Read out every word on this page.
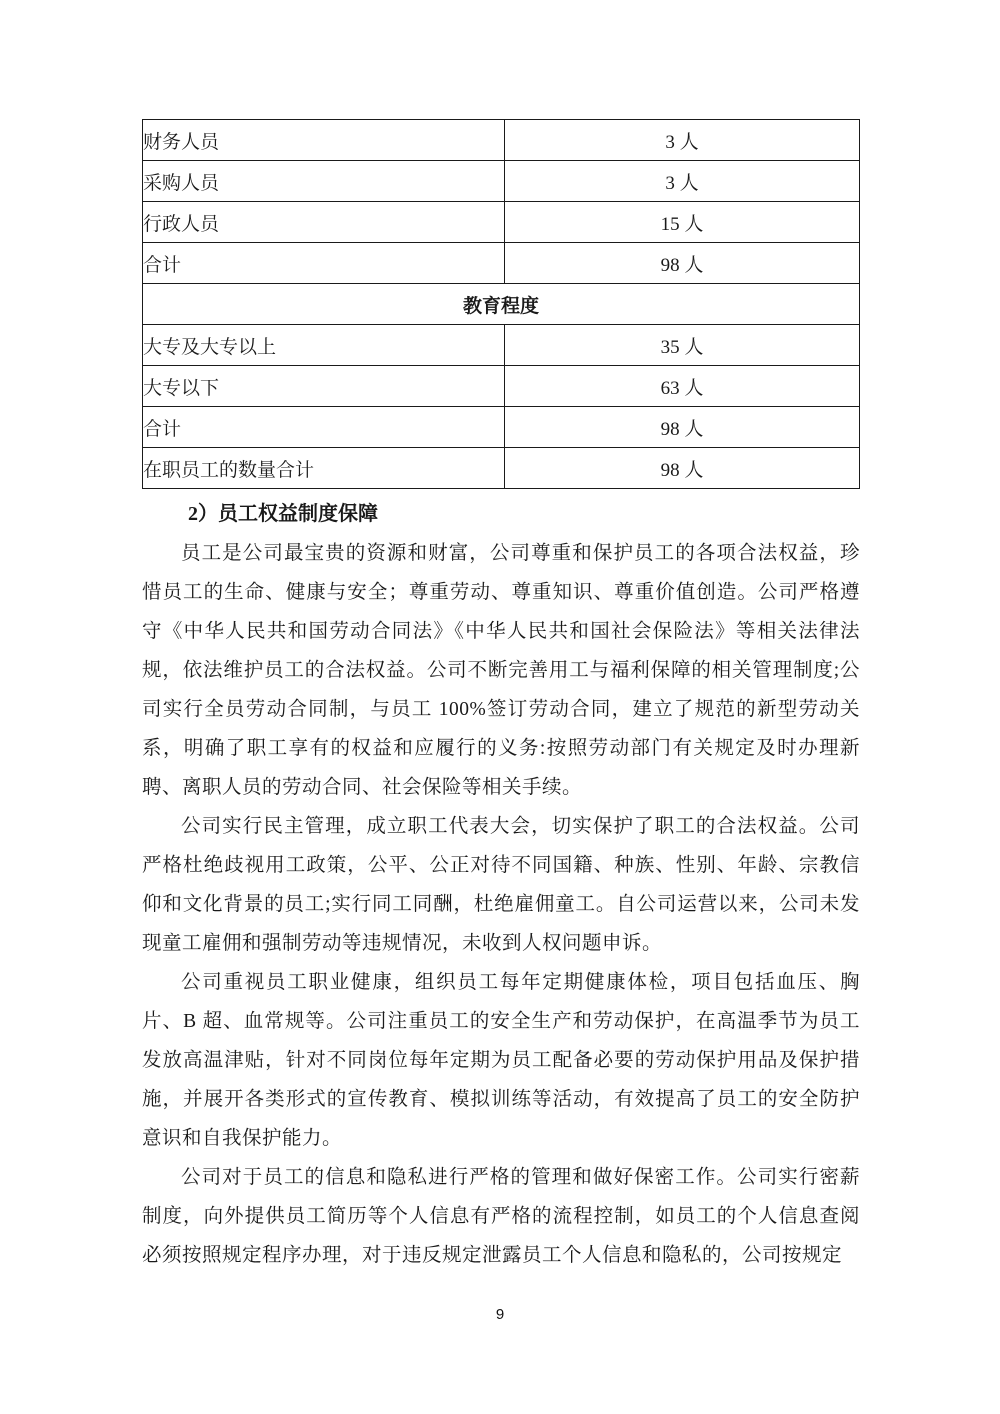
财务人员	3 人
采购人员	3 人
行政人员	15 人
合计	98 人
教育程度	
大专及大专以上	35 人
大专以下	63 人
合计	98 人
在职员工的数量合计	98 人
2）员工权益制度保障

员工是公司最宝贵的资源和财富，公司尊重和保护员工的各项合法权益，珍惜员工的生命、健康与安全；尊重劳动、尊重知识、尊重价值创造。公司严格遵守《中华人民共和国劳动合同法》《中华人民共和国社会保险法》等相关法律法规，依法维护员工的合法权益。公司不断完善用工与福利保障的相关管理制度;公司实行全员劳动合同制，与员工 100%签订劳动合同，建立了规范的新型劳动关系，明确了职工享有的权益和应履行的义务:按照劳动部门有关规定及时办理新聘、离职人员的劳动合同、社会保险等相关手续。

公司实行民主管理，成立职工代表大会，切实保护了职工的合法权益。公司严格杜绝歧视用工政策，公平、公正对待不同国籍、种族、性别、年龄、宗教信仰和文化背景的员工;实行同工同酬，杜绝雇佣童工。自公司运营以来，公司未发现童工雇佣和强制劳动等违规情况，未收到人权问题申诉。

公司重视员工职业健康，组织员工每年定期健康体检，项目包括血压、胸片、B 超、血常规等。公司注重员工的安全生产和劳动保护，在高温季节为员工发放高温津贴，针对不同岗位每年定期为员工配备必要的劳动保护用品及保护措施，并展开各类形式的宣传教育、模拟训练等活动，有效提高了员工的安全防护意识和自我保护能力。

公司对于员工的信息和隐私进行严格的管理和做好保密工作。公司实行密薪制度，向外提供员工简历等个人信息有严格的流程控制，如员工的个人信息查阅必须按照规定程序办理，对于违反规定泄露员工个人信息和隐私的，公司按规定

9
